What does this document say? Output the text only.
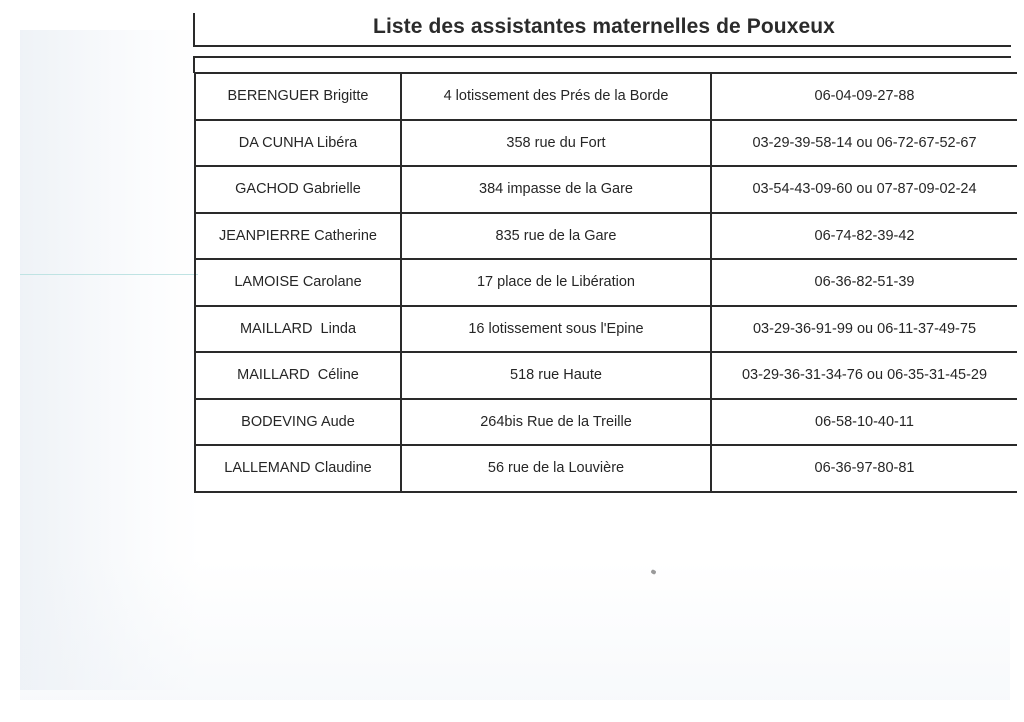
Liste des assistantes maternelles de Pouxeux
BERENGUER Brigitte	4 lotissement des Prés de la Borde	06-04-09-27-88
DA CUNHA Libéra	358 rue du Fort	03-29-39-58-14 ou 06-72-67-52-67
GACHOD Gabrielle	384 impasse de la Gare	03-54-43-09-60 ou 07-87-09-02-24
JEANPIERRE Catherine	835 rue de la Gare	06-74-82-39-42
LAMOISE Carolane	17 place de le Libération	06-36-82-51-39
MAILLARD  Linda	16 lotissement sous l'Epine	03-29-36-91-99 ou 06-11-37-49-75
MAILLARD  Céline	518 rue Haute	03-29-36-31-34-76 ou 06-35-31-45-29
BODEVING Aude	264bis Rue de la Treille	06-58-10-40-11
LALLEMAND Claudine	56 rue de la Louvière	06-36-97-80-81
